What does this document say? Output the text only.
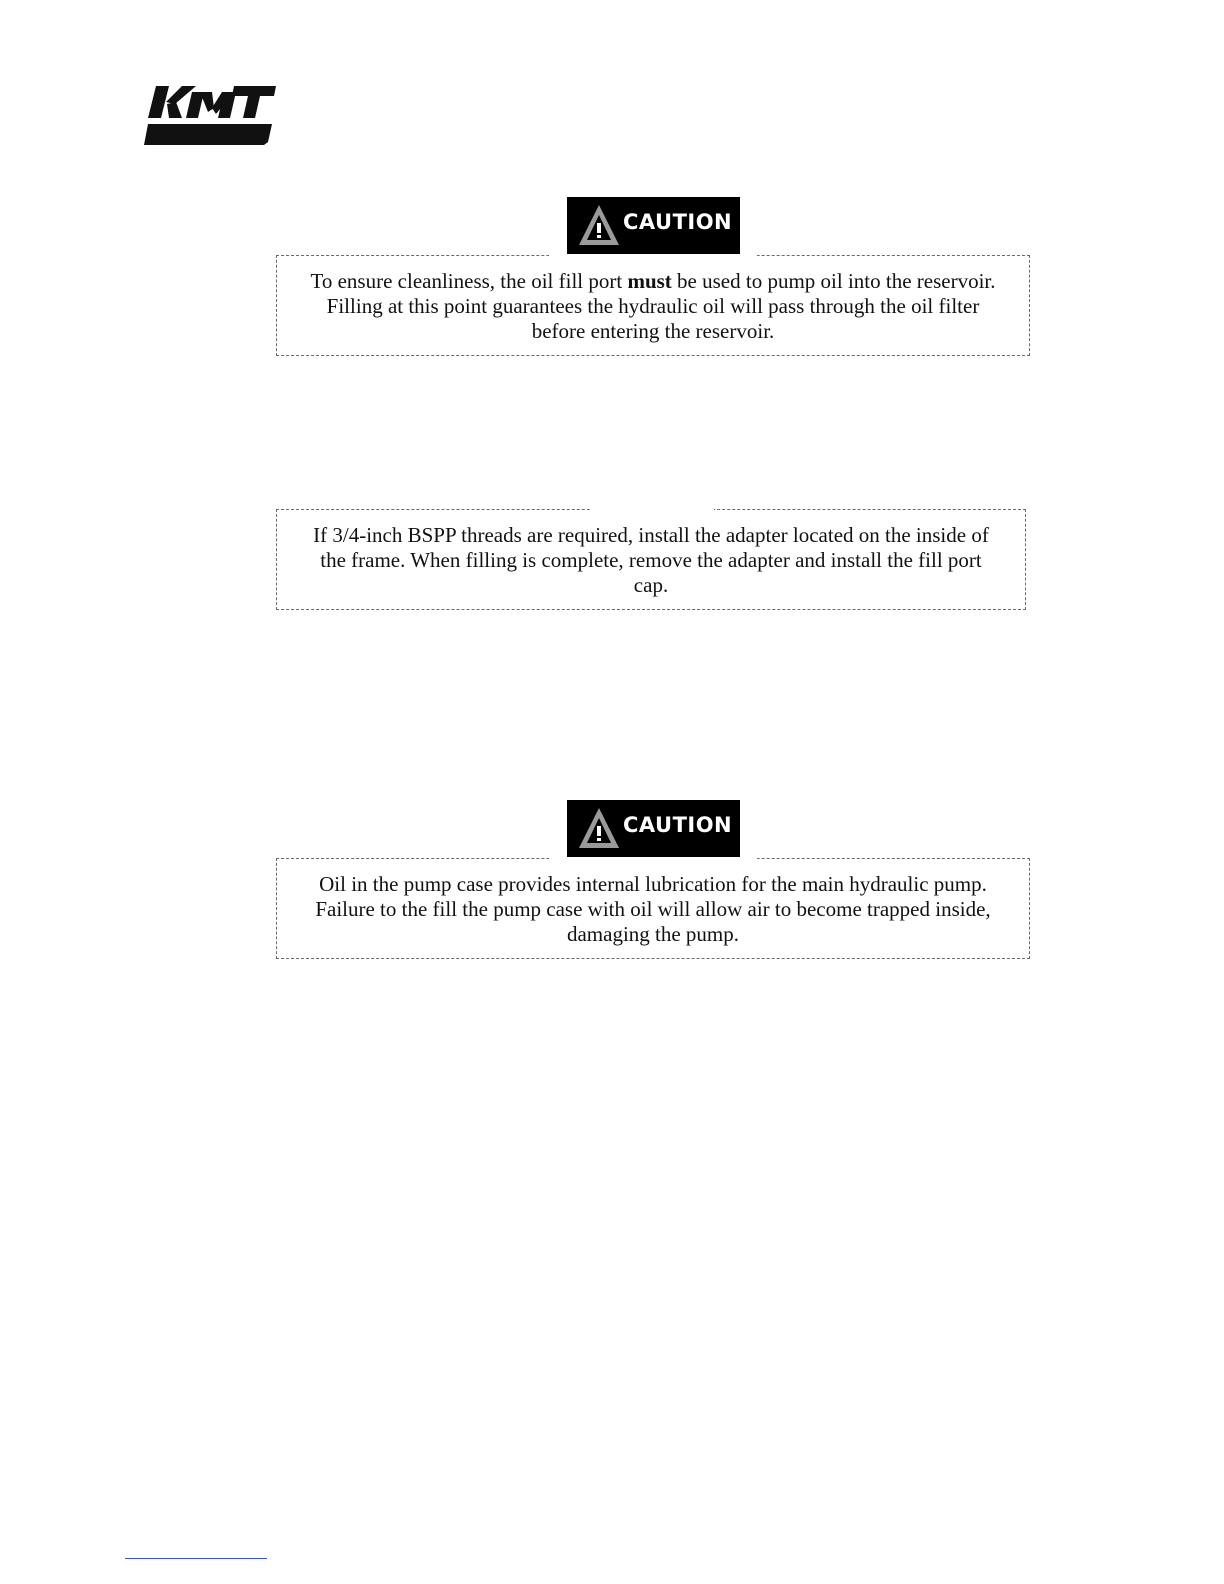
CAUTION
To ensure cleanliness, the oil fill port must be used to pump oil into the reservoir.
Filling at this point guarantees the hydraulic oil will pass through the oil filter
before entering the reservoir.
If 3/4-inch BSPP threads are required, install the adapter located on the inside of
the frame. When filling is complete, remove the adapter and install the fill port
cap.
CAUTION
Oil in the pump case provides internal lubrication for the main hydraulic pump.
Failure to the fill the pump case with oil will allow air to become trapped inside,
damaging the pump.
